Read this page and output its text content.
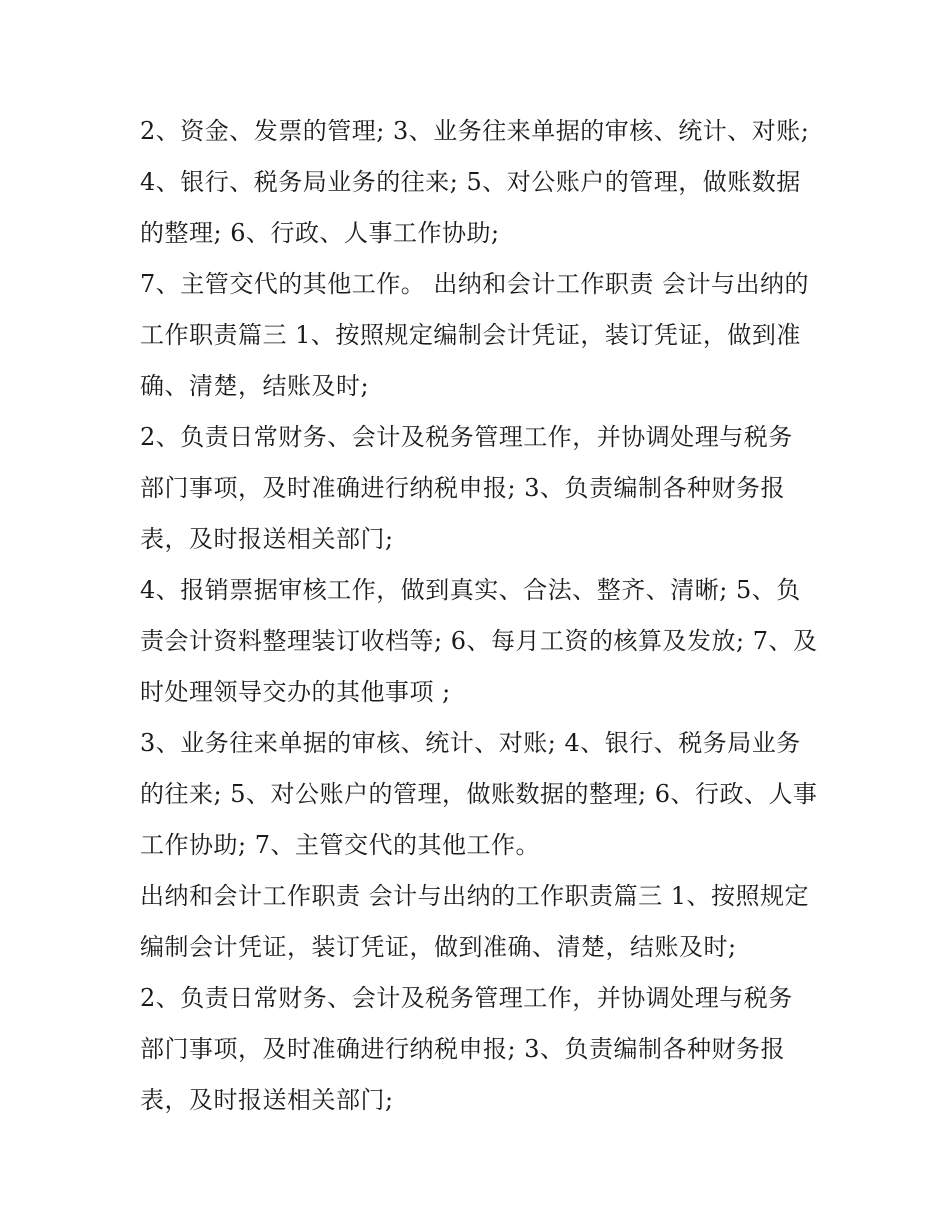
2、资金、发票的管理; 3、业务往来单据的审核、统计、对账;
4、银行、税务局业务的往来; 5、对公账户的管理，做账数据
的整理; 6、行政、人事工作协助;
7、主管交代的其他工作。 出纳和会计工作职责 会计与出纳的
工作职责篇三 1、按照规定编制会计凭证，装订凭证，做到准
确、清楚，结账及时;
2、负责日常财务、会计及税务管理工作，并协调处理与税务
部门事项，及时准确进行纳税申报; 3、负责编制各种财务报
表，及时报送相关部门;
4、报销票据审核工作，做到真实、合法、整齐、清晰; 5、负
责会计资料整理装订收档等; 6、每月工资的核算及发放; 7、及
时处理领导交办的其他事项 ;
3、业务往来单据的审核、统计、对账; 4、银行、税务局业务
的往来; 5、对公账户的管理，做账数据的整理; 6、行政、人事
工作协助; 7、主管交代的其他工作。
出纳和会计工作职责 会计与出纳的工作职责篇三 1、按照规定
编制会计凭证，装订凭证，做到准确、清楚，结账及时;
2、负责日常财务、会计及税务管理工作，并协调处理与税务
部门事项，及时准确进行纳税申报; 3、负责编制各种财务报
表，及时报送相关部门;
